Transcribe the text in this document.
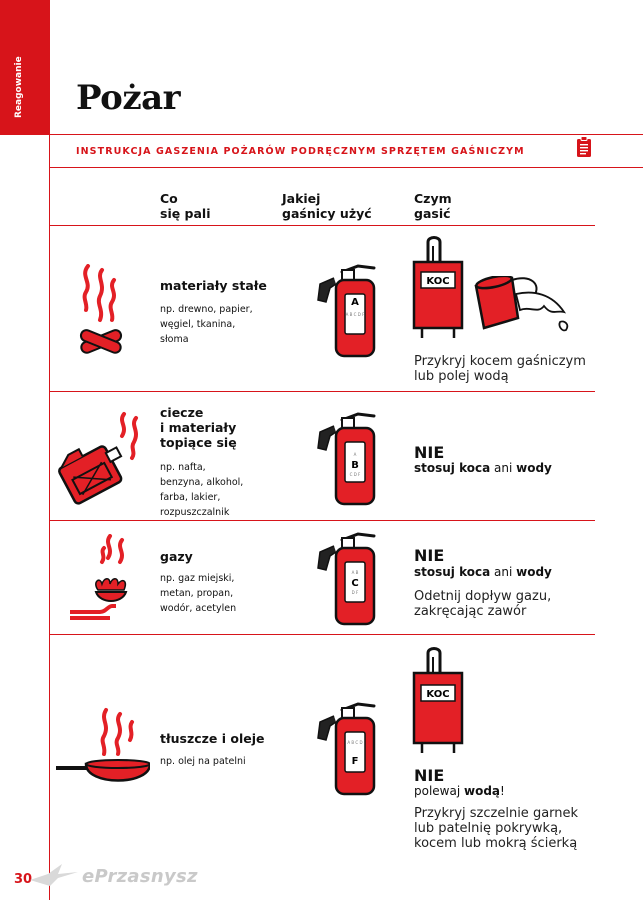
Reagowanie Pożar
INSTRUKCJA GASZENIA POŻARÓW PODRĘCZNYM SPRZĘTEM GAŚNICZYM
Co
się pali
Jakiej
gaśnicy użyć
Czym
gasić
materiały stałe
np. drewno, papier,
węgiel, tkanina,
słoma
A
A B C D F
KOC
Przykryj kocem gaśniczym
lub polej wodą
ciecze
i materiały
topiące się
np. nafta,
benzyna, alkohol,
farba, lakier,
rozpuszczalnik
A
B
C D F
NIE
stosuj koca ani wody
gazy
np. gaz miejski,
metan, propan,
wodór, acetylen
A B
C
D F
NIE
stosuj koca ani wody
Odetnij dopływ gazu,
zakręcając zawór
tłuszcze i oleje
np. olej na patelni
A B C D
F
KOC
NIE
polewaj wodą!
Przykryj szczelnie garnek
lub patelnię pokrywką,
kocem lub mokrą ścierką
30	ePrzasnysz
